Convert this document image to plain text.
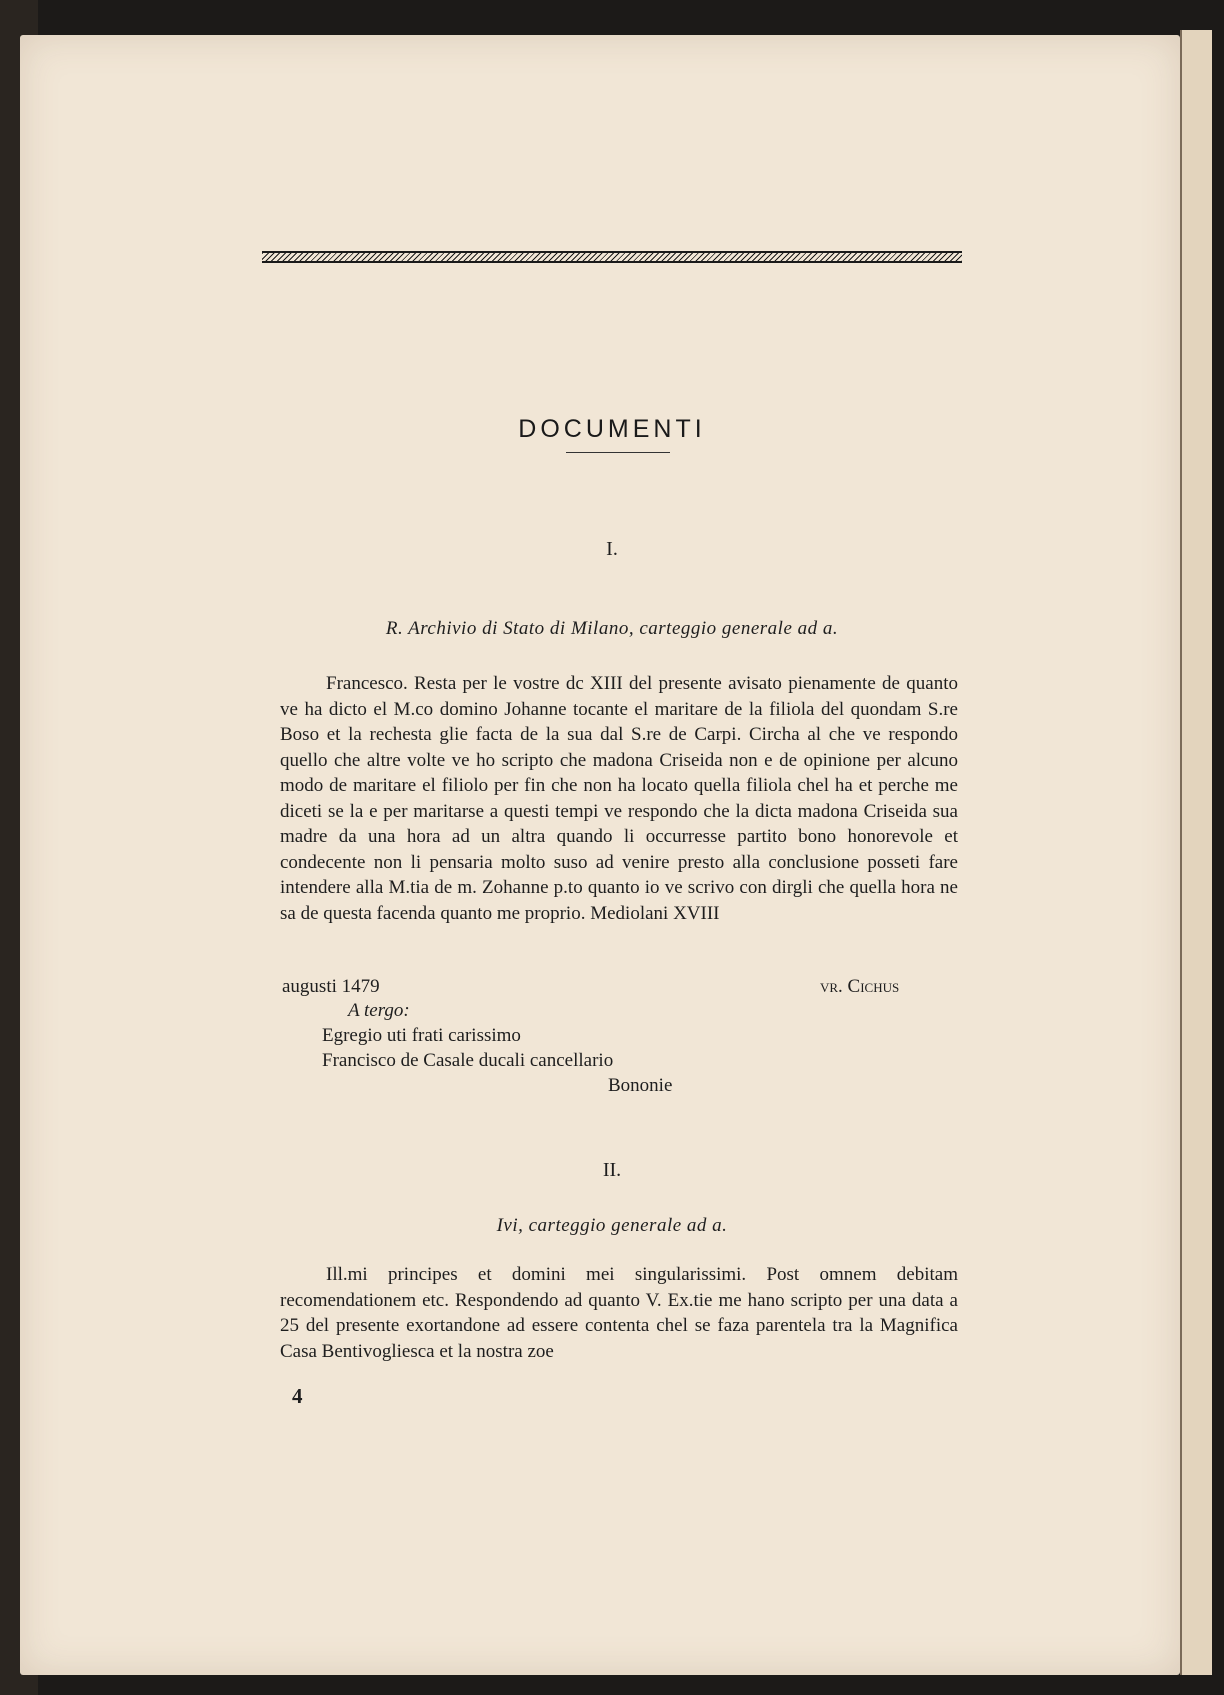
DOCUMENTI
I.
R. Archivio di Stato di Milano, carteggio generale ad a.

Francesco. Resta per le vostre dc XIII del presente avisato pienamente de quanto ve ha dicto el M.co domino Johanne tocante el maritare de la filiola del quondam S.re Boso et la rechesta glie facta de la sua dal S.re de Carpi. Circha al che ve respondo quello che altre volte ve ho scripto che madona Criseida non e de opinione per alcuno modo de maritare el filiolo per fin che non ha locato quella filiola chel ha et perche me diceti se la e per maritarse a questi tempi ve respondo che la dicta madona Criseida sua madre da una hora ad un altra quando li occurresse partito bono honorevole et condecente non li pensaria molto suso ad venire presto alla conclusione posseti fare intendere alla M.tia de m. Zohanne p.to quanto io ve scrivo con dirgli che quella hora ne sa de questa facenda quanto me proprio. Mediolani XVIII

augusti 1479	vr. Cichus
A tergo:
Egregio uti frati carissimo
Francisco de Casale ducali cancellario
Bononie
II.
Ivi, carteggio generale ad a.

Ill.mi principes et domini mei singularissimi. Post omnem debitam recomendationem etc. Respondendo ad quanto V. Ex.tie me hano scripto per una data a 25 del presente exortandone ad essere contenta chel se faza parentela tra la Magnifica Casa Bentivogliesca et la nostra zoe

4
